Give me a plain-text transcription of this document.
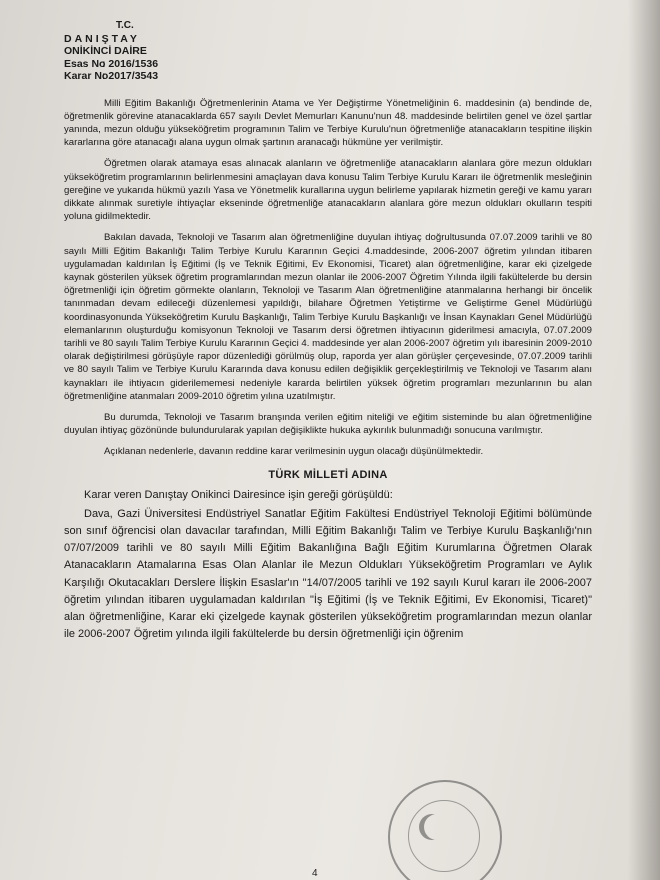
T.C.
DANIŞTAY
ONİKİNCİ DAİRE
Esas No: 2016/1536
Karar No: 2017/3543

Milli Eğitim Bakanlığı Öğretmenlerinin Atama ve Yer Değiştirme Yönetmeliğinin 6. maddesinin (a) bendinde de, öğretmenlik görevine atanacaklarda 657 sayılı Devlet Memurları Kanunu'nun 48. maddesinde belirtilen genel ve özel şartlar yanında, mezun olduğu yükseköğretim programının Talim ve Terbiye Kurulu'nun öğretmenliğe atanacakların tespitine ilişkin kararlarına göre atanacağı alana uygun olmak şartının aranacağı hükmüne yer verilmiştir.

Öğretmen olarak atamaya esas alınacak alanların ve öğretmenliğe atanacakların alanlara göre mezun oldukları yükseköğretim programlarının belirlenmesini amaçlayan dava konusu Talim Terbiye Kurulu Kararı ile öğretmenlik mesleğinin gereğine ve yukarıda hükmü yazılı Yasa ve Yönetmelik kurallarına uygun belirleme yapılarak hizmetin gereği ve kamu yararı dikkate alınmak suretiyle ihtiyaçlar ekseninde öğretmenliğe atanacakların alanlara göre mezun oldukları okulların tespiti yoluna gidilmektedir.

Bakılan davada, Teknoloji ve Tasarım alan öğretmenliğine duyulan ihtiyaç doğrultusunda 07.07.2009 tarihli ve 80 sayılı Milli Eğitim Bakanlığı Talim Terbiye Kurulu Kararının Geçici 4.maddesinde, 2006-2007 öğretim yılından itibaren uygulamadan kaldırılan İş Eğitimi (İş ve Teknik Eğitimi, Ev Ekonomisi, Ticaret) alan öğretmenliğine, karar eki çizelgede kaynak gösterilen yüksek öğretim programlarından mezun olanlar ile 2006-2007 Öğretim Yılında ilgili fakültelerde bu dersin öğretmenliği için öğretim görmekte olanların, Teknoloji ve Tasarım Alan öğretmenliğine atanmalarına herhangi bir öncelik tanınmadan devam edileceği düzenlemesi yapıldığı, bilahare Öğretmen Yetiştirme ve Geliştirme Genel Müdürlüğü koordinasyonunda Yükseköğretim Kurulu Başkanlığı, Talim Terbiye Kurulu Başkanlığı ve İnsan Kaynakları Genel Müdürlüğü elemanlarının oluşturduğu komisyonun Teknoloji ve Tasarım dersi öğretmen ihtiyacının giderilmesi amacıyla, 07.07.2009 tarihli ve 80 sayılı Talim Terbiye Kurulu Kararının Geçici 4. maddesinde yer alan 2006-2007 öğretim yılı ibaresinin 2009-2010 olarak değiştirilmesi görüşüyle rapor düzenlediği görülmüş olup, raporda yer alan görüşler çerçevesinde, 07.07.2009 tarihli ve 80 sayılı Talim ve Terbiye Kurulu Kararında dava konusu edilen değişiklik gerçekleştirilmiş ve Teknoloji ve Tasarım alanı kaynakları ile ihtiyacın giderilememesi nedeniyle kararda belirtilen yüksek öğretim programları mezunlarının bu alan öğretmenliğine atanmaları 2009-2010 öğretim yılına uzatılmıştır.

Bu durumda, Teknoloji ve Tasarım branşında verilen eğitim niteliği ve eğitim sisteminde bu alan öğretmenliğine duyulan ihtiyaç gözönünde bulundurularak yapılan değişiklikte hukuka aykırılık bulunmadığı sonucuna varılmıştır.

Açıklanan nedenlerle, davanın reddine karar verilmesinin uygun olacağı düşünülmektedir.

TÜRK MİLLETİ ADINA

Karar veren Danıştay Onikinci Dairesince işin gereği görüşüldü:

Dava, Gazi Üniversitesi Endüstriyel Sanatlar Eğitim Fakültesi Endüstriyel Teknoloji Eğitimi bölümünde son sınıf öğrencisi olan davacılar tarafından, Milli Eğitim Bakanlığı Talim ve Terbiye Kurulu Başkanlığı'nın 07/07/2009 tarihli ve 80 sayılı Milli Eğitim Bakanlığına Bağlı Eğitim Kurumlarına Öğretmen Olarak Atanacakların Atamalarına Esas Olan Alanlar ile Mezun Oldukları Yükseköğretim Programları ve Aylık Karşılığı Okutacakları Derslere İlişkin Esaslar'ın "14/07/2005 tarihli ve 192 sayılı Kurul kararı ile 2006-2007 öğretim yılından itibaren uygulamadan kaldırılan "İş Eğitimi (İş ve Teknik Eğitimi, Ev Ekonomisi, Ticaret)" alan öğretmenliğine, Karar eki çizelgede kaynak gösterilen yükseköğretim programlarından mezun olanlar ile 2006-2007 Öğretim yılında ilgili fakültelerde bu dersin öğretmenliği için öğrenim

4
